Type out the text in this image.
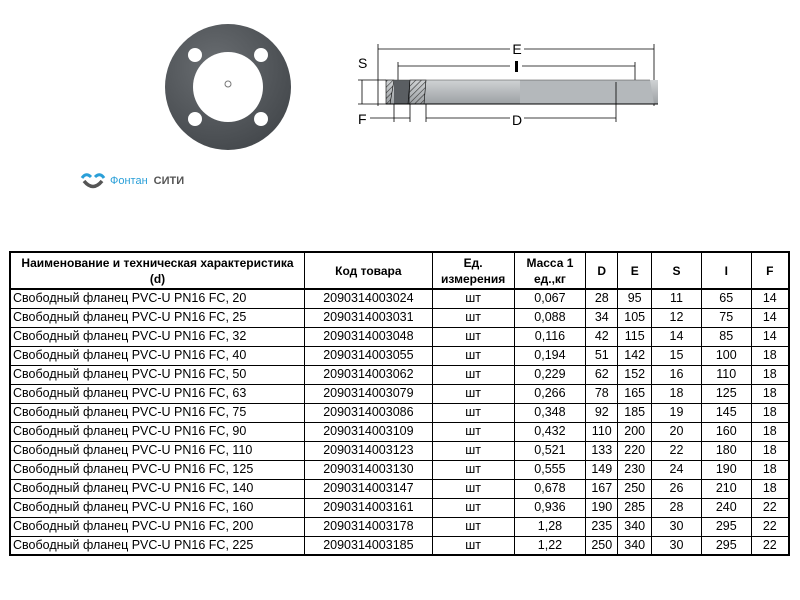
E
S
F	D
Фонтан СИТИ
Наименование и техническая характеристика (d)	Код товара	Ед. измерения	Масса 1 ед.,кг	D	E	S	I	F
Свободный фланец PVC-U PN16 FC, 20	2090314003024	шт	0,067	28	95	11	65	14
Свободный фланец PVC-U PN16 FC, 25	2090314003031	шт	0,088	34	105	12	75	14
Свободный фланец PVC-U PN16 FC, 32	2090314003048	шт	0,116	42	115	14	85	14
Свободный фланец PVC-U PN16 FC, 40	2090314003055	шт	0,194	51	142	15	100	18
Свободный фланец PVC-U PN16 FC, 50	2090314003062	шт	0,229	62	152	16	110	18
Свободный фланец PVC-U PN16 FC, 63	2090314003079	шт	0,266	78	165	18	125	18
Свободный фланец PVC-U PN16 FC, 75	2090314003086	шт	0,348	92	185	19	145	18
Свободный фланец PVC-U PN16 FC, 90	2090314003109	шт	0,432	110	200	20	160	18
Свободный фланец PVC-U PN16 FC, 110	2090314003123	шт	0,521	133	220	22	180	18
Свободный фланец PVC-U PN16 FC, 125	2090314003130	шт	0,555	149	230	24	190	18
Свободный фланец PVC-U PN16 FC, 140	2090314003147	шт	0,678	167	250	26	210	18
Свободный фланец PVC-U PN16 FC, 160	2090314003161	шт	0,936	190	285	28	240	22
Свободный фланец PVC-U PN16 FC, 200	2090314003178	шт	1,28	235	340	30	295	22
Свободный фланец PVC-U PN16 FC, 225	2090314003185	шт	1,22	250	340	30	295	22
